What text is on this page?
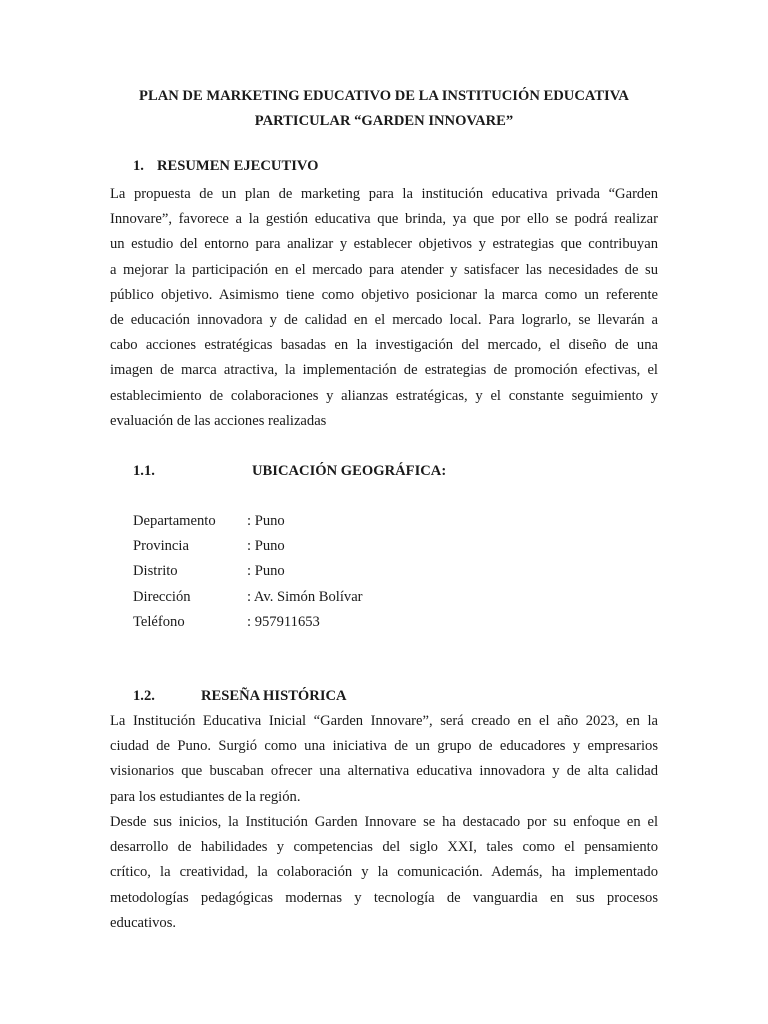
PLAN DE MARKETING EDUCATIVO DE LA INSTITUCIÓN EDUCATIVA
PARTICULAR “GARDEN INNOVARE”
1. RESUMEN EJECUTIVO

La propuesta de un plan de marketing para la institución educativa privada “Garden
Innovare”, favorece a la gestión educativa que brinda, ya que por ello se podrá realizar
un estudio del entorno para analizar y establecer objetivos y estrategias que contribuyan
a mejorar la participación en el mercado para atender y satisfacer las necesidades de su
público objetivo. Asimismo tiene como objetivo posicionar la marca como un referente
de educación innovadora y de calidad en el mercado local. Para lograrlo, se llevarán a
cabo acciones estratégicas basadas en la investigación del mercado, el diseño de una
imagen de marca atractiva, la implementación de estrategias de promoción efectivas, el
establecimiento de colaboraciones y alianzas estratégicas, y el constante seguimiento y
evaluación de las acciones realizadas

1.1.	UBICACIÓN GEOGRÁFICA:
Departamento : Puno
Provincia	: Puno
Distrito	: Puno
Dirección	: Av. Simón Bolívar
Teléfono	: 957911653
1.2.	RESEÑA HISTÓRICA

La Institución Educativa Inicial “Garden Innovare”, será creado en el año 2023, en la
ciudad de Puno. Surgió como una iniciativa de un grupo de educadores y empresarios
visionarios que buscaban ofrecer una alternativa educativa innovadora y de alta calidad
para los estudiantes de la región.

Desde sus inicios, la Institución Garden Innovare se ha destacado por su enfoque en el
desarrollo de habilidades y competencias del siglo XXI, tales como el pensamiento
crítico, la creatividad, la colaboración y la comunicación. Además, ha implementado
metodologías pedagógicas modernas y tecnología de vanguardia en sus procesos
educativos.
